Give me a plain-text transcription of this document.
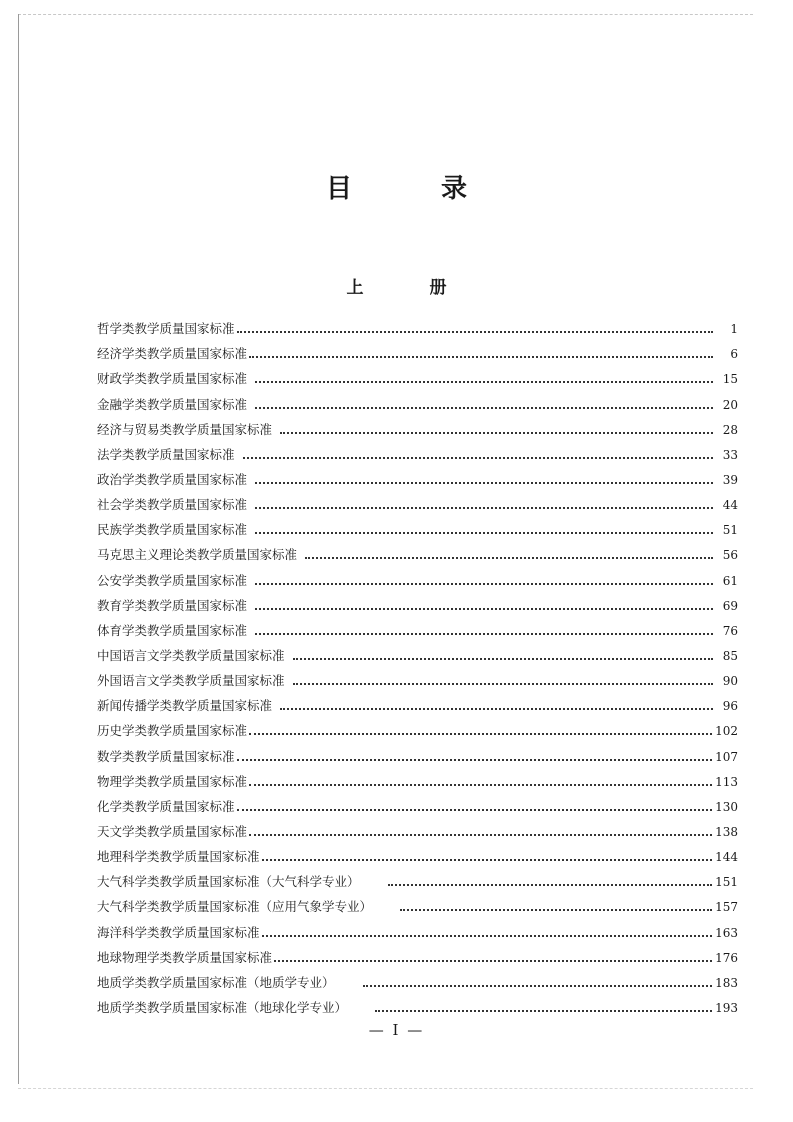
目 录
上 册
哲学类教学质量国家标准	1
经济学类教学质量国家标准	6
财政学类教学质量国家标准	15
金融学类教学质量国家标准	20
经济与贸易类教学质量国家标准	28
法学类教学质量国家标准	33
政治学类教学质量国家标准	39
社会学类教学质量国家标准	44
民族学类教学质量国家标准	51
马克思主义理论类教学质量国家标准	56
公安学类教学质量国家标准	61
教育学类教学质量国家标准	69
体育学类教学质量国家标准	76
中国语言文学类教学质量国家标准	85
外国语言文学类教学质量国家标准	90
新闻传播学类教学质量国家标准	96
历史学类教学质量国家标准	102
数学类教学质量国家标准	107
物理学类教学质量国家标准	113
化学类教学质量国家标准	130
天文学类教学质量国家标准	138
地理科学类教学质量国家标准	144
大气科学类教学质量国家标准（大气科学专业）	151
大气科学类教学质量国家标准（应用气象学专业）	157
海洋科学类教学质量国家标准	163
地球物理学类教学质量国家标准	176
地质学类教学质量国家标准（地质学专业）	183
地质学类教学质量国家标准（地球化学专业）	193
— I —
